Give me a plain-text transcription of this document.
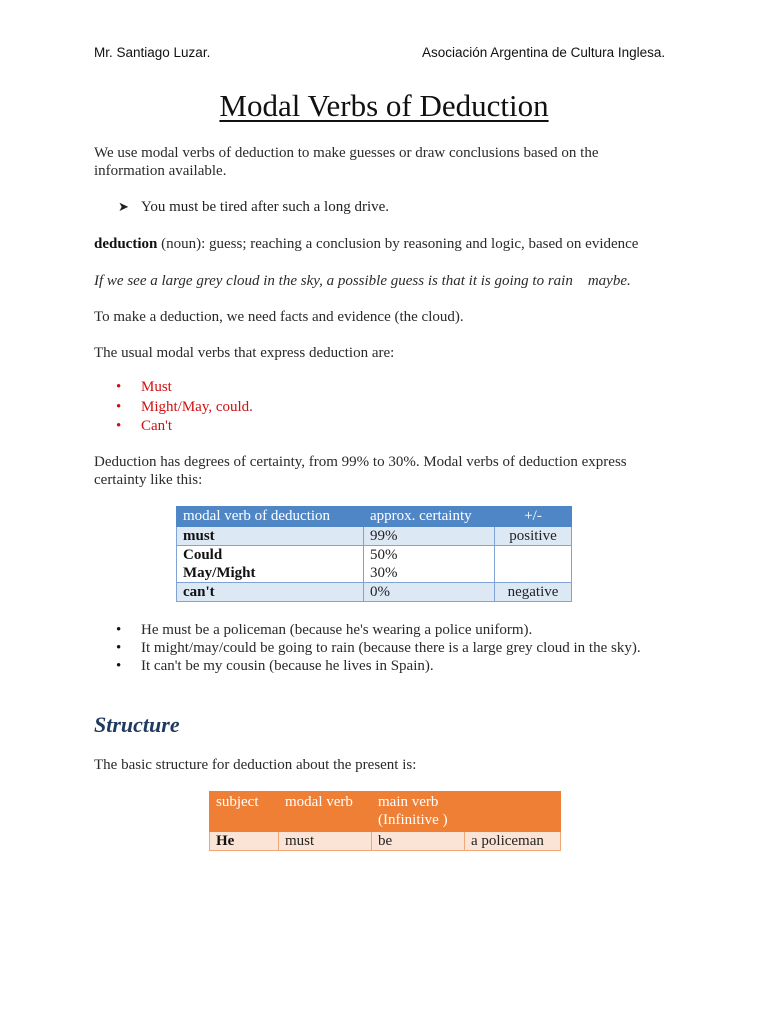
Mr. Santiago Luzar.	Asociación Argentina de Cultura Inglesa.
Modal Verbs of Deduction
We use modal verbs of deduction to make guesses or draw conclusions based on the information available.
➤ You must be tired after such a long drive.
deduction (noun): guess; reaching a conclusion by reasoning and logic, based on evidence
If we see a large grey cloud in the sky, a possible guess is that it is going to rain    maybe.
To make a deduction, we need facts and evidence (the cloud).
The usual modal verbs that express deduction are:
• Must
• Might/May, could.
• Can't
Deduction has degrees of certainty, from 99% to 30%. Modal verbs of deduction express certainty like this:
modal verb of deduction	approx. certainty	+/-
must	99%	positive
Could	50%	
May/Might	30%	
can't	0%	negative
• He must be a policeman (because he's wearing a police uniform).
• It might/may/could be going to rain (because there is a large grey cloud in the sky).
• It can't be my cousin (because he lives in Spain).
Structure
The basic structure for deduction about the present is:
subject	modal verb	main verb (Infinitive )	
He	must	be	a policeman
